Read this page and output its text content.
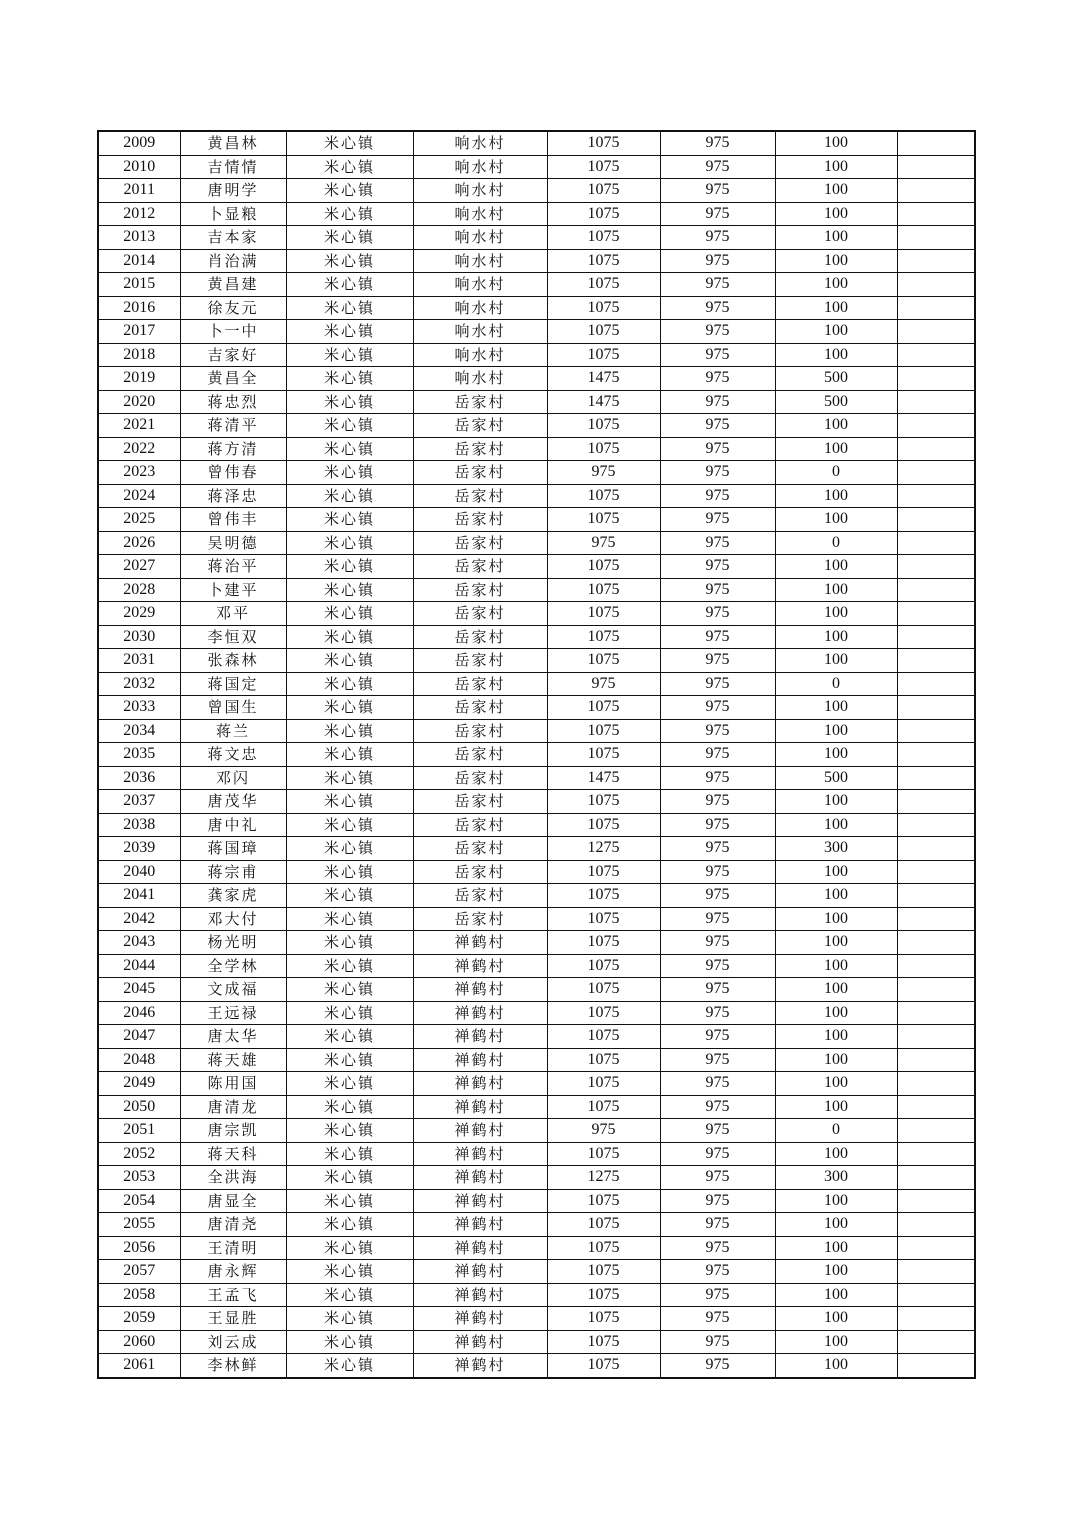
2009	黄昌林	米心镇	响水村	1075	975	100	
2010	吉情情	米心镇	响水村	1075	975	100	
2011	唐明学	米心镇	响水村	1075	975	100	
2012	卜显粮	米心镇	响水村	1075	975	100	
2013	吉本家	米心镇	响水村	1075	975	100	
2014	肖治满	米心镇	响水村	1075	975	100	
2015	黄昌建	米心镇	响水村	1075	975	100	
2016	徐友元	米心镇	响水村	1075	975	100	
2017	卜一中	米心镇	响水村	1075	975	100	
2018	吉家好	米心镇	响水村	1075	975	100	
2019	黄昌全	米心镇	响水村	1475	975	500	
2020	蒋忠烈	米心镇	岳家村	1475	975	500	
2021	蒋清平	米心镇	岳家村	1075	975	100	
2022	蒋方清	米心镇	岳家村	1075	975	100	
2023	曾伟春	米心镇	岳家村	975	975	0	
2024	蒋泽忠	米心镇	岳家村	1075	975	100	
2025	曾伟丰	米心镇	岳家村	1075	975	100	
2026	吴明德	米心镇	岳家村	975	975	0	
2027	蒋治平	米心镇	岳家村	1075	975	100	
2028	卜建平	米心镇	岳家村	1075	975	100	
2029	邓平	米心镇	岳家村	1075	975	100	
2030	李恒双	米心镇	岳家村	1075	975	100	
2031	张森林	米心镇	岳家村	1075	975	100	
2032	蒋国定	米心镇	岳家村	975	975	0	
2033	曾国生	米心镇	岳家村	1075	975	100	
2034	蒋兰	米心镇	岳家村	1075	975	100	
2035	蒋文忠	米心镇	岳家村	1075	975	100	
2036	邓闪	米心镇	岳家村	1475	975	500	
2037	唐茂华	米心镇	岳家村	1075	975	100	
2038	唐中礼	米心镇	岳家村	1075	975	100	
2039	蒋国璋	米心镇	岳家村	1275	975	300	
2040	蒋宗甫	米心镇	岳家村	1075	975	100	
2041	龚家虎	米心镇	岳家村	1075	975	100	
2042	邓大付	米心镇	岳家村	1075	975	100	
2043	杨光明	米心镇	禅鹤村	1075	975	100	
2044	全学林	米心镇	禅鹤村	1075	975	100	
2045	文成福	米心镇	禅鹤村	1075	975	100	
2046	王远禄	米心镇	禅鹤村	1075	975	100	
2047	唐太华	米心镇	禅鹤村	1075	975	100	
2048	蒋天雄	米心镇	禅鹤村	1075	975	100	
2049	陈用国	米心镇	禅鹤村	1075	975	100	
2050	唐清龙	米心镇	禅鹤村	1075	975	100	
2051	唐宗凯	米心镇	禅鹤村	975	975	0	
2052	蒋天科	米心镇	禅鹤村	1075	975	100	
2053	全洪海	米心镇	禅鹤村	1275	975	300	
2054	唐显全	米心镇	禅鹤村	1075	975	100	
2055	唐清尧	米心镇	禅鹤村	1075	975	100	
2056	王清明	米心镇	禅鹤村	1075	975	100	
2057	唐永辉	米心镇	禅鹤村	1075	975	100	
2058	王孟飞	米心镇	禅鹤村	1075	975	100	
2059	王显胜	米心镇	禅鹤村	1075	975	100	
2060	刘云成	米心镇	禅鹤村	1075	975	100	
2061	李林鲜	米心镇	禅鹤村	1075	975	100	
